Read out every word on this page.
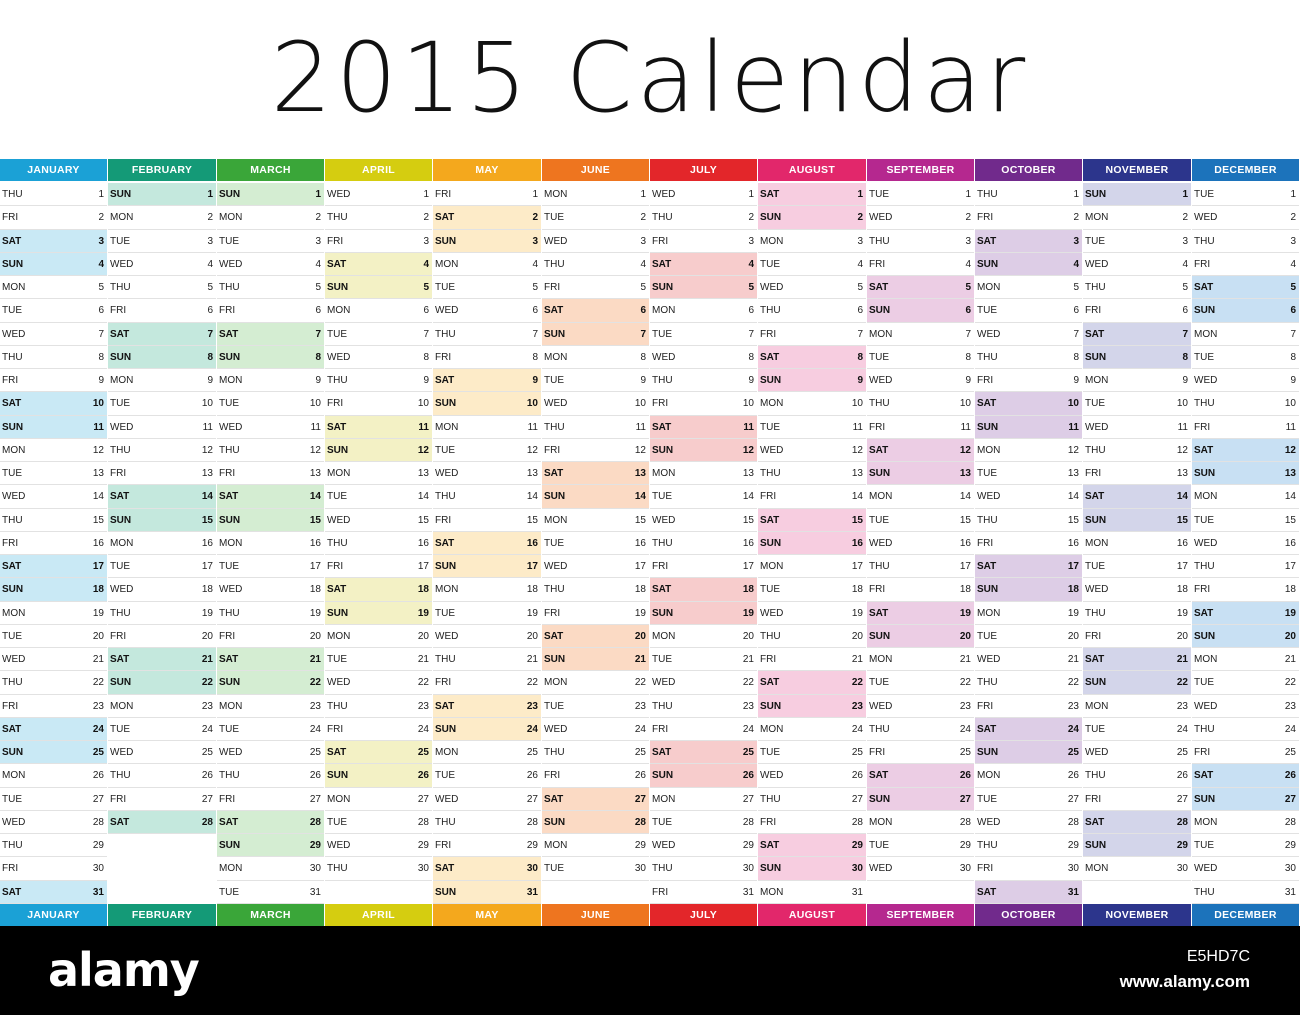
2015 Calendar
JANUARY
JANUARY
THU	1
FRI	2
SAT	3
SUN	4
MON	5
TUE	6
WED	7
THU	8
FRI	9
SAT	10
SUN	11
MON	12
TUE	13
WED	14
THU	15
FRI	16
SAT	17
SUN	18
MON	19
TUE	20
WED	21
THU	22
FRI	23
SAT	24
SUN	25
MON	26
TUE	27
WED	28
THU	29
FRI	30
SAT	31
FEBRUARY
FEBRUARY
SUN	1
MON	2
TUE	3
WED	4
THU	5
FRI	6
SAT	7
SUN	8
MON	9
TUE	10
WED	11
THU	12
FRI	13
SAT	14
SUN	15
MON	16
TUE	17
WED	18
THU	19
FRI	20
SAT	21
SUN	22
MON	23
TUE	24
WED	25
THU	26
FRI	27
SAT	28
MARCH
MARCH
SUN	1
MON	2
TUE	3
WED	4
THU	5
FRI	6
SAT	7
SUN	8
MON	9
TUE	10
WED	11
THU	12
FRI	13
SAT	14
SUN	15
MON	16
TUE	17
WED	18
THU	19
FRI	20
SAT	21
SUN	22
MON	23
TUE	24
WED	25
THU	26
FRI	27
SAT	28
SUN	29
MON	30
TUE	31
APRIL
APRIL
WED	1
THU	2
FRI	3
SAT	4
SUN	5
MON	6
TUE	7
WED	8
THU	9
FRI	10
SAT	11
SUN	12
MON	13
TUE	14
WED	15
THU	16
FRI	17
SAT	18
SUN	19
MON	20
TUE	21
WED	22
THU	23
FRI	24
SAT	25
SUN	26
MON	27
TUE	28
WED	29
THU	30
MAY
MAY
FRI	1
SAT	2
SUN	3
MON	4
TUE	5
WED	6
THU	7
FRI	8
SAT	9
SUN	10
MON	11
TUE	12
WED	13
THU	14
FRI	15
SAT	16
SUN	17
MON	18
TUE	19
WED	20
THU	21
FRI	22
SAT	23
SUN	24
MON	25
TUE	26
WED	27
THU	28
FRI	29
SAT	30
SUN	31
JUNE
JUNE
MON	1
TUE	2
WED	3
THU	4
FRI	5
SAT	6
SUN	7
MON	8
TUE	9
WED	10
THU	11
FRI	12
SAT	13
SUN	14
MON	15
TUE	16
WED	17
THU	18
FRI	19
SAT	20
SUN	21
MON	22
TUE	23
WED	24
THU	25
FRI	26
SAT	27
SUN	28
MON	29
TUE	30
JULY
JULY
WED	1
THU	2
FRI	3
SAT	4
SUN	5
MON	6
TUE	7
WED	8
THU	9
FRI	10
SAT	11
SUN	12
MON	13
TUE	14
WED	15
THU	16
FRI	17
SAT	18
SUN	19
MON	20
TUE	21
WED	22
THU	23
FRI	24
SAT	25
SUN	26
MON	27
TUE	28
WED	29
THU	30
FRI	31
AUGUST
AUGUST
SAT	1
SUN	2
MON	3
TUE	4
WED	5
THU	6
FRI	7
SAT	8
SUN	9
MON	10
TUE	11
WED	12
THU	13
FRI	14
SAT	15
SUN	16
MON	17
TUE	18
WED	19
THU	20
FRI	21
SAT	22
SUN	23
MON	24
TUE	25
WED	26
THU	27
FRI	28
SAT	29
SUN	30
MON	31
SEPTEMBER
SEPTEMBER
TUE	1
WED	2
THU	3
FRI	4
SAT	5
SUN	6
MON	7
TUE	8
WED	9
THU	10
FRI	11
SAT	12
SUN	13
MON	14
TUE	15
WED	16
THU	17
FRI	18
SAT	19
SUN	20
MON	21
TUE	22
WED	23
THU	24
FRI	25
SAT	26
SUN	27
MON	28
TUE	29
WED	30
OCTOBER
OCTOBER
THU	1
FRI	2
SAT	3
SUN	4
MON	5
TUE	6
WED	7
THU	8
FRI	9
SAT	10
SUN	11
MON	12
TUE	13
WED	14
THU	15
FRI	16
SAT	17
SUN	18
MON	19
TUE	20
WED	21
THU	22
FRI	23
SAT	24
SUN	25
MON	26
TUE	27
WED	28
THU	29
FRI	30
SAT	31
NOVEMBER
NOVEMBER
SUN	1
MON	2
TUE	3
WED	4
THU	5
FRI	6
SAT	7
SUN	8
MON	9
TUE	10
WED	11
THU	12
FRI	13
SAT	14
SUN	15
MON	16
TUE	17
WED	18
THU	19
FRI	20
SAT	21
SUN	22
MON	23
TUE	24
WED	25
THU	26
FRI	27
SAT	28
SUN	29
MON	30
DECEMBER
DECEMBER
TUE	1
WED	2
THU	3
FRI	4
SAT	5
SUN	6
MON	7
TUE	8
WED	9
THU	10
FRI	11
SAT	12
SUN	13
MON	14
TUE	15
WED	16
THU	17
FRI	18
SAT	19
SUN	20
MON	21
TUE	22
WED	23
THU	24
FRI	25
SAT	26
SUN	27
MON	28
TUE	29
WED	30
THU	31
alamy	E5HD7C
www.alamy.com
